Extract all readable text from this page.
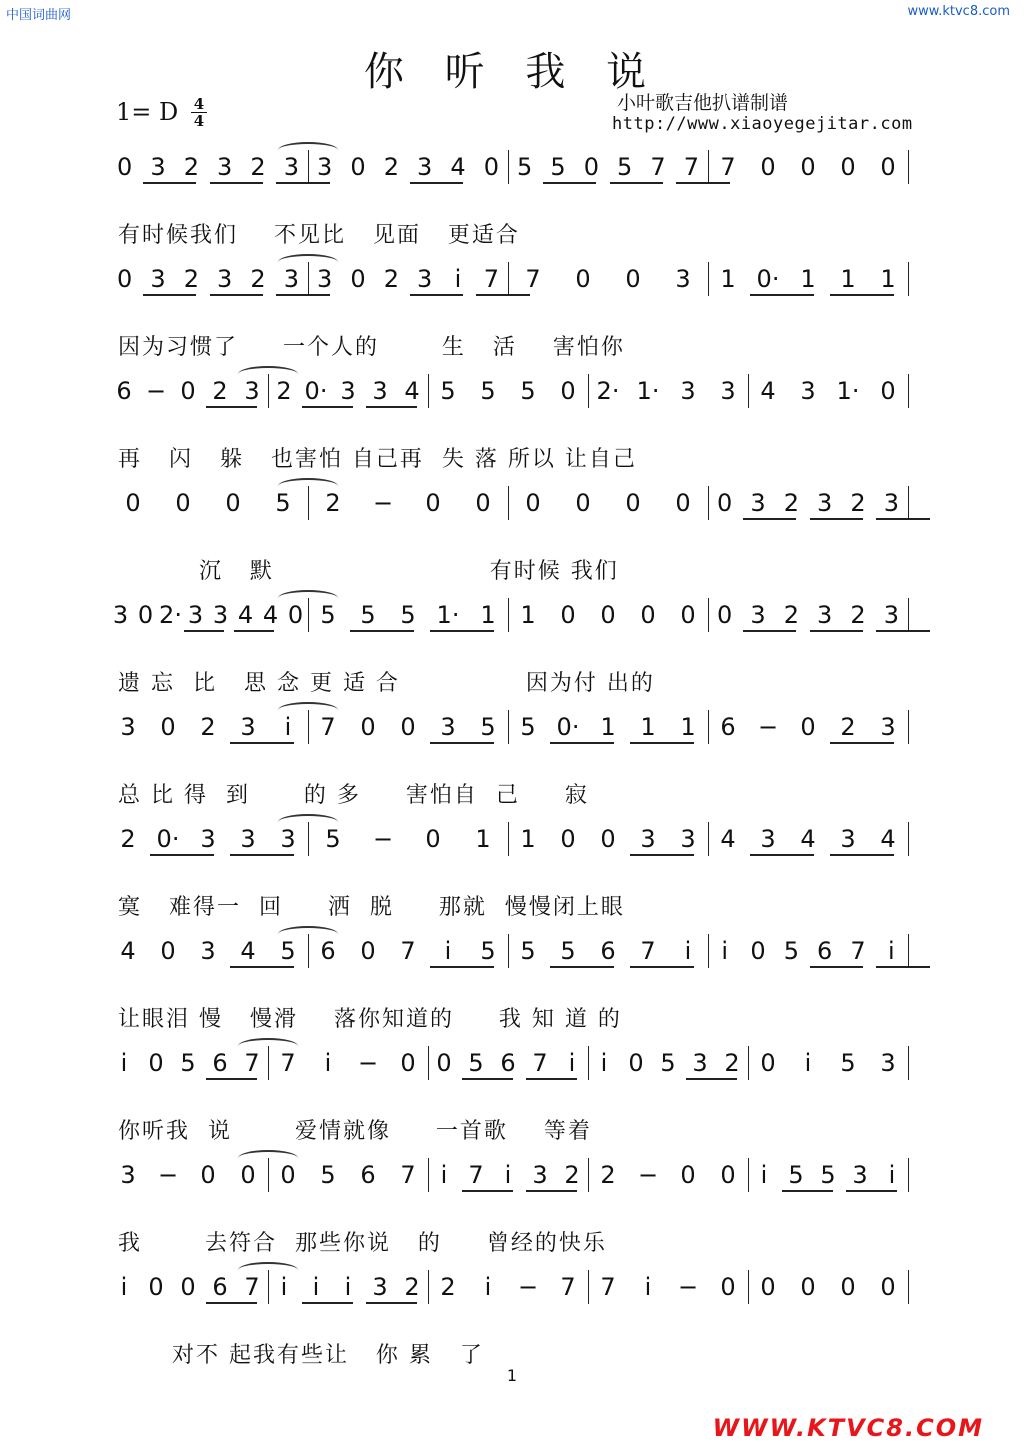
中国词曲网	www.ktvc8.com
你 听 我 说
1= D	4
4
小叶歌吉他扒谱制谱
http://www.xiaoyegejitar.com
0 3 2 3 2 3 3 0 2 3 4 0 5 5 0 5 7 7 7 0 0 0 0
有时候我们    不见比   见面   更适合
0 3 2 3 2 3 3 0 2 3 i 7 7 0 0 3 1 0· 1 1 1
因为习惯了     一个人的       生   活    害怕你
6 − 0 2 3 2 0· 3 3 4 5 5 5 0 2· 1· 3 3 4 3 1· 0
再   闪   躲   也害怕 自己再  失 落 所以 让自己
0 0 0 5 2 − 0 0 0 0 0 0 0 3 2 3 2 3
沉   默                        有时候 我们
3 0 2· 3 3 4 4 0 5 5 5 1· 1 1 0 0 0 0 0 3 2 3 2 3
遗 忘  比   思 念 更 适 合              因为付 出的
3 0 2 3 i 7 0 0 3 5 5 0· 1 1 1 6 − 0 2 3
总 比 得  到      的 多     害怕自  己     寂
2 0· 3 3 3 5 − 0 1 1 0 0 3 3 4 3 4 3 4
寞   难得一  回     洒  脱     那就  慢慢闭上眼
4 0 3 4 5 6 0 7 i 5 5 5 6 7 i i 0 5 6 7 i
让眼泪 慢   慢滑    落你知道的     我 知 道 的
i 0 5 6 7 7 i − 0 0 5 6 7 i i 0 5 3 2 0 i 5 3
你听我  说       爱情就像     一首歌    等着
3 − 0 0 0 5 6 7 i 7 i 3 2 2 − 0 0 i 5 5 3 i
我       去符合  那些你说   的     曾经的快乐
i 0 0 6 7 i i i 3 2 2 i − 7 7 i − 0 0 0 0 0
对不 起我有些让   你 累   了
1
WWW.KTVC8.COM
